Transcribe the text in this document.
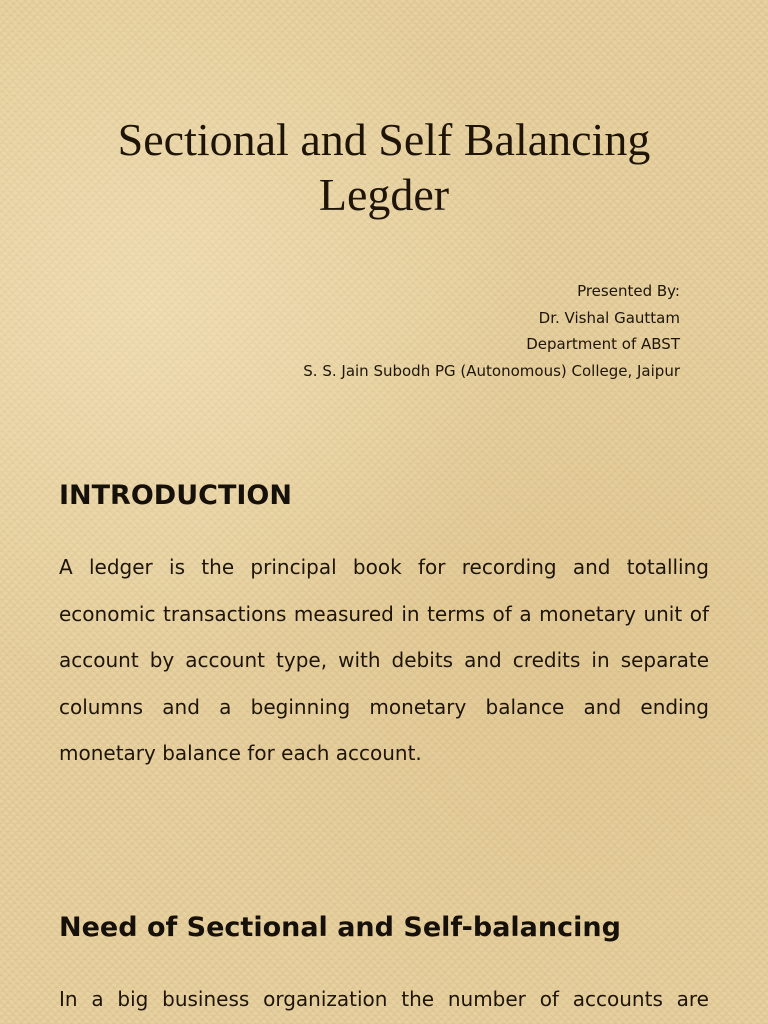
Sectional and Self Balancing
Legder
Presented By:
Dr. Vishal Gauttam
Department of ABST
S. S. Jain Subodh PG (Autonomous) College, Jaipur
INTRODUCTION

A ledger is the principal book for recording and totalling economic transactions measured in terms of a monetary unit of account by account type, with debits and credits in separate columns and a beginning monetary balance and ending monetary balance for each account.

Need of Sectional and Self-balancing

In a big business organization the number of accounts are
